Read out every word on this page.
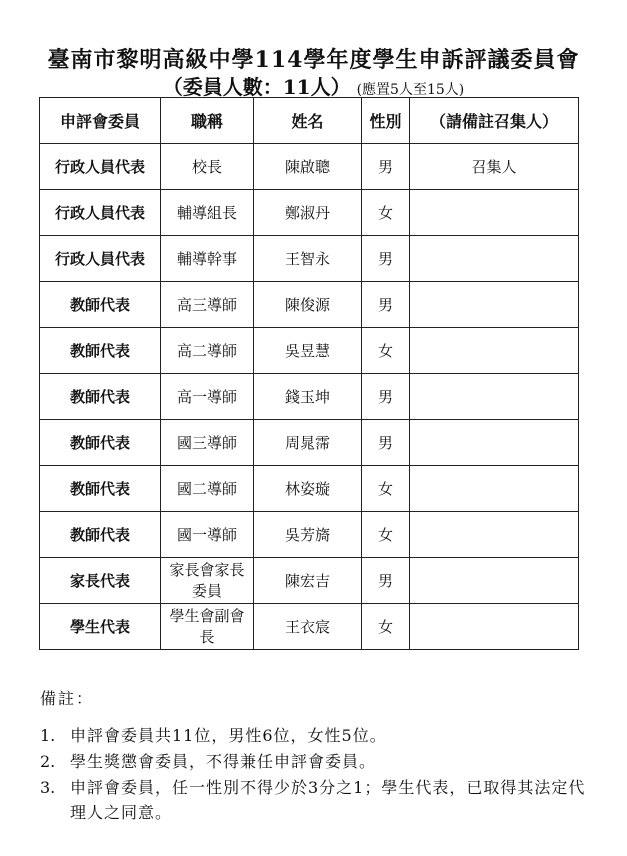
臺南市黎明高級中學114學年度學生申訴評議委員會
（委員人數：11人） (應置5人至15人)
申評會委員	職稱	姓名	性別	（請備註召集人）
行政人員代表	校長	陳啟聰	男	召集人
行政人員代表	輔導組長	鄭淑丹	女	
行政人員代表	輔導幹事	王智永	男	
教師代表	高三導師	陳俊源	男	
教師代表	高二導師	吳昱慧	女	
教師代表	高一導師	錢玉坤	男	
教師代表	國三導師	周晁霈	男	
教師代表	國二導師	林姿璇	女	
教師代表	國一導師	吳芳旖	女	
家長代表	家長會家長委員	陳宏吉	男	
學生代表	學生會副會長	王衣宸	女	
備註：
1. 申評會委員共11位，男性6位，女性5位。
2. 學生獎懲會委員，不得兼任申評會委員。
3. 申評會委員，任一性別不得少於3分之1；學生代表，已取得其法定代理人之同意。
